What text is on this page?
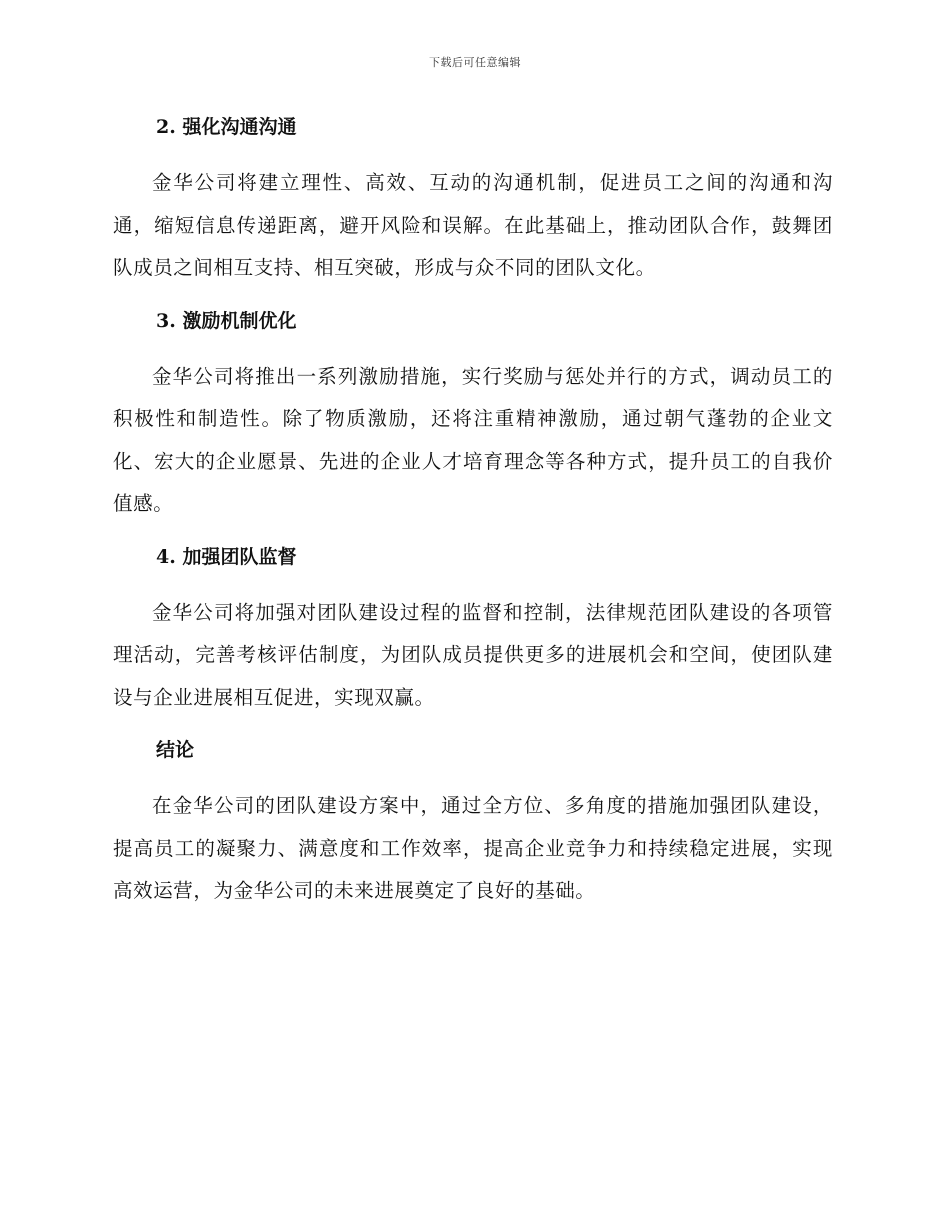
下载后可任意编辑
2. 强化沟通沟通

金华公司将建立理性、高效、互动的沟通机制，促进员工之间的沟通和沟通，缩短信息传递距离，避开风险和误解。在此基础上，推动团队合作，鼓舞团队成员之间相互支持、相互突破，形成与众不同的团队文化。

3. 激励机制优化

金华公司将推出一系列激励措施，实行奖励与惩处并行的方式，调动员工的积极性和制造性。除了物质激励，还将注重精神激励，通过朝气蓬勃的企业文化、宏大的企业愿景、先进的企业人才培育理念等各种方式，提升员工的自我价值感。

4. 加强团队监督

金华公司将加强对团队建设过程的监督和控制，法律规范团队建设的各项管理活动，完善考核评估制度，为团队成员提供更多的进展机会和空间，使团队建设与企业进展相互促进，实现双赢。

结论

在金华公司的团队建设方案中，通过全方位、多角度的措施加强团队建设，提高员工的凝聚力、满意度和工作效率，提高企业竞争力和持续稳定进展，实现高效运营，为金华公司的未来进展奠定了良好的基础。
